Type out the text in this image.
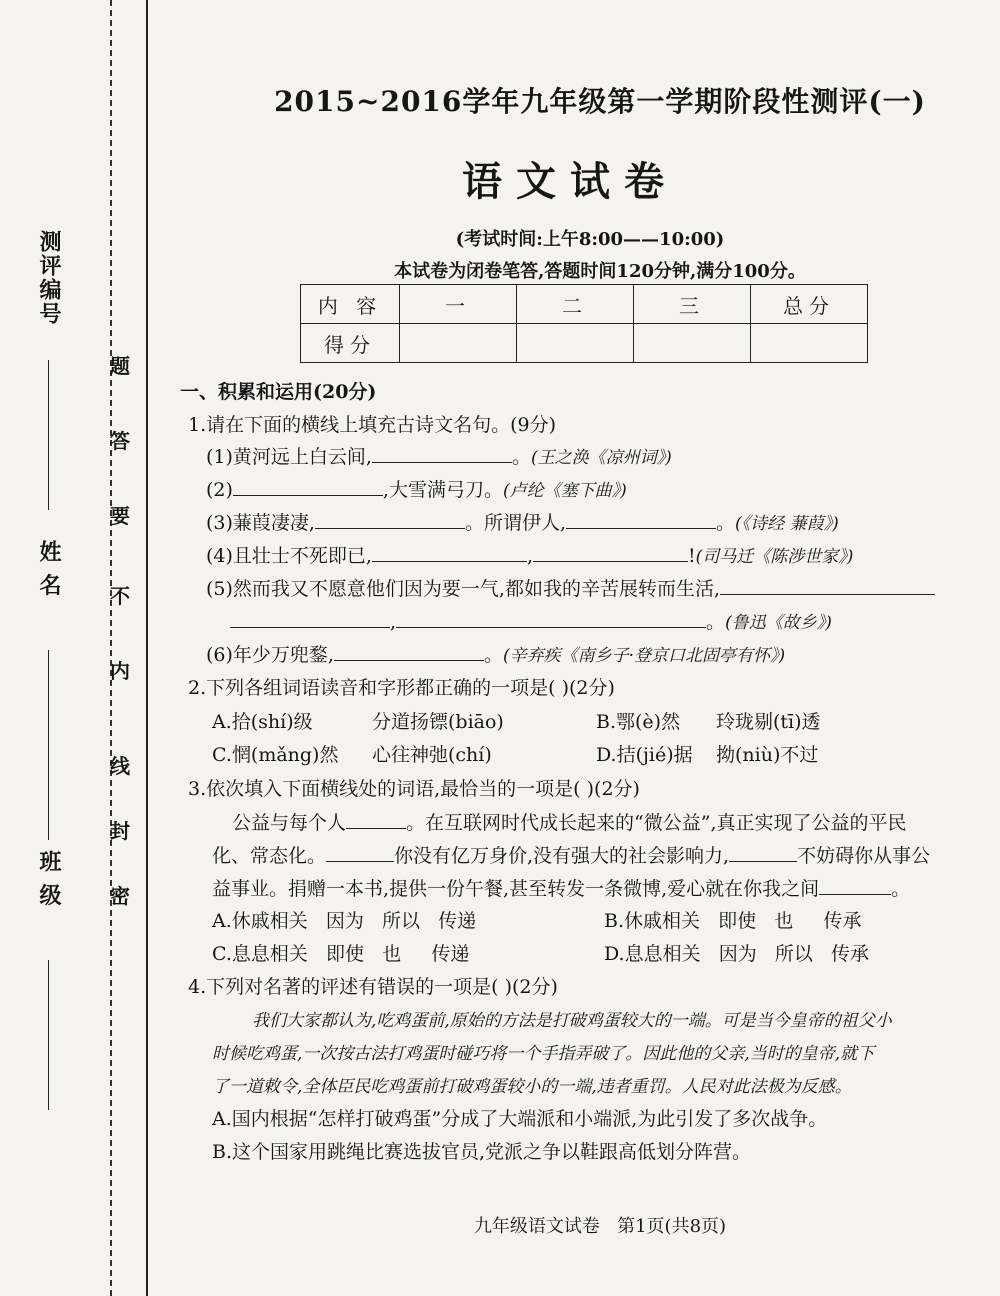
测评编号
姓 名
班 级 密
封
线
内
不
要
答
题
2015~2016学年九年级第一学期阶段性测评(一)
语文试卷
(考试时间:上午8:00——10:00)
本试卷为闭卷笔答,答题时间120分钟,满分100分。
内 容	一	二	三	总分
得分				
一、积累和运用(20分)
1.请在下面的横线上填充古诗文名句。(9分)
(1)黄河远上白云间,	。(王之涣《凉州词》)
(2)	,大雪满弓刀。(卢纶《塞下曲》)
(3)蒹葭凄凄,	。所谓伊人,	。(《诗经 蒹葭》)
(4)且壮士不死即已,	,	!(司马迁《陈涉世家》)
(5)然而我又不愿意他们因为要一气,都如我的辛苦展转而生活,
,	。(鲁迅《故乡》)
(6)年少万兜鍪,	。(辛弃疾《南乡子·登京口北固亭有怀》)
2.下列各组词语读音和字形都正确的一项是( )(2分)
A.拾(shí)级	分道扬镖(biāo)	B.鄂(è)然 玲珑剔(tī)透
C.惘(mǎng)然 心往神弛(chí)	D.拮(jié)据 拗(niù)不过
3.依次填入下面横线处的词语,最恰当的一项是( )(2分)
公益与每个人	。在互联网时代成长起来的“微公益”,真正实现了公益的平民
化、常态化。	你没有亿万身价,没有强大的社会影响力,	不妨碍你从事公
益事业。捐赠一本书,提供一份午餐,甚至转发一条微博,爱心就在你我之间	。
A.休戚相关   因为   所以   传递	B.休戚相关   即使   也     传承
C.息息相关   即使   也     传递	D.息息相关   因为   所以   传承
4.下列对名著的评述有错误的一项是( )(2分)
我们大家都认为,吃鸡蛋前,原始的方法是打破鸡蛋较大的一端。可是当今皇帝的祖父小
时候吃鸡蛋,一次按古法打鸡蛋时碰巧将一个手指弄破了。因此他的父亲,当时的皇帝,就下
了一道敕令,全体臣民吃鸡蛋前打破鸡蛋较小的一端,违者重罚。人民对此法极为反感。
A.国内根据“怎样打破鸡蛋”分成了大端派和小端派,为此引发了多次战争。
B.这个国家用跳绳比赛选拔官员,党派之争以鞋跟高低划分阵营。
九年级语文试卷   第1页(共8页)
